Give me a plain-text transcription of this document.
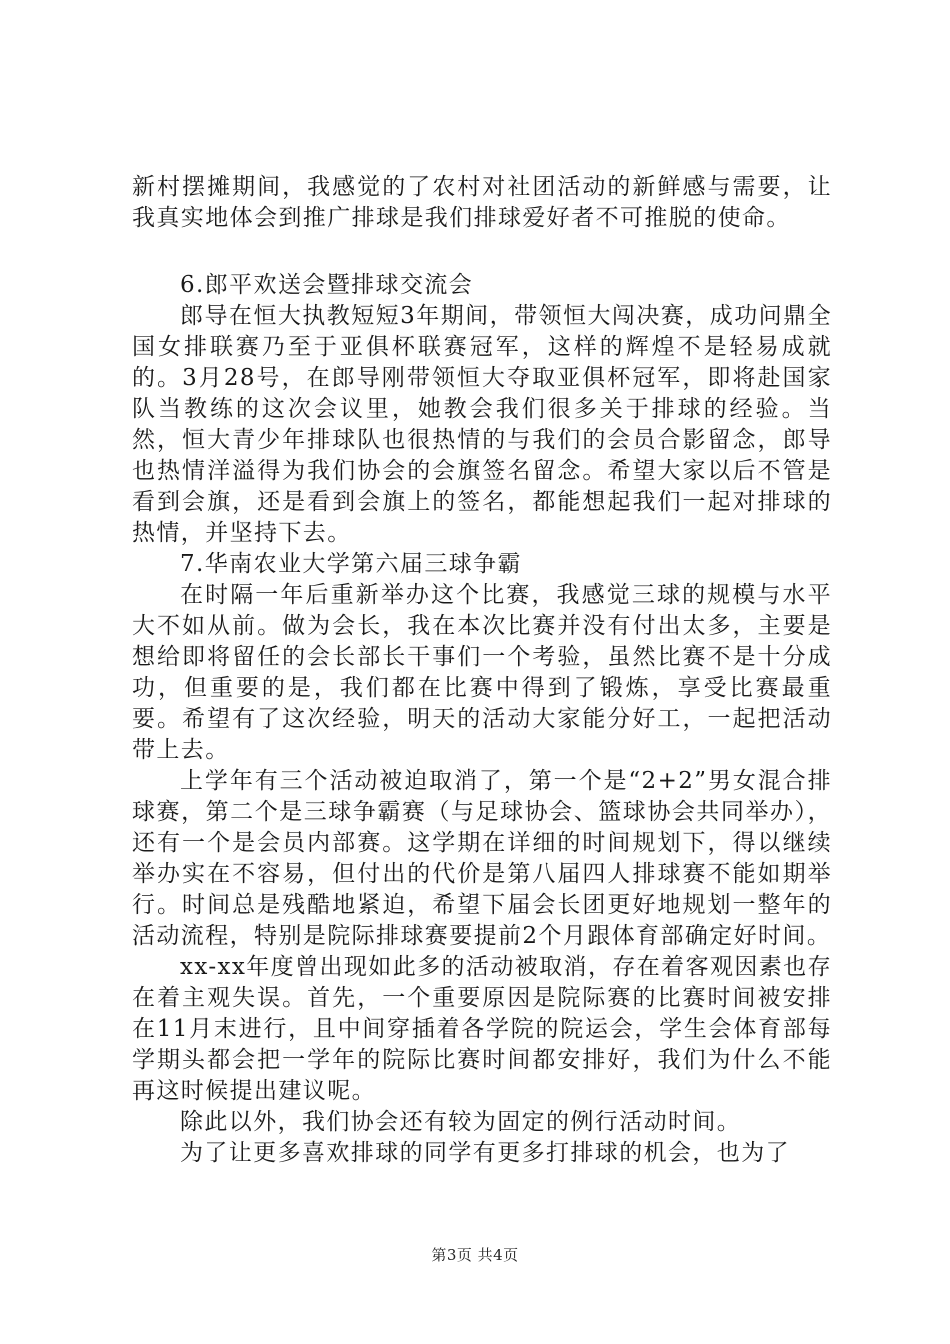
新村摆摊期间，我感觉的了农村对社团活动的新鲜感与需要，让我真实地体会到推广排球是我们排球爱好者不可推脱的使命。

6.郎平欢送会暨排球交流会

郎导在恒大执教短短3年期间，带领恒大闯决赛，成功问鼎全国女排联赛乃至于亚俱杯联赛冠军，这样的辉煌不是轻易成就的。3月28号，在郎导刚带领恒大夺取亚俱杯冠军，即将赴国家队当教练的这次会议里，她教会我们很多关于排球的经验。当然，恒大青少年排球队也很热情的与我们的会员合影留念，郎导也热情洋溢得为我们协会的会旗签名留念。希望大家以后不管是看到会旗，还是看到会旗上的签名，都能想起我们一起对排球的热情，并坚持下去。

7.华南农业大学第六届三球争霸

在时隔一年后重新举办这个比赛，我感觉三球的规模与水平大不如从前。做为会长，我在本次比赛并没有付出太多，主要是想给即将留任的会长部长干事们一个考验，虽然比赛不是十分成功，但重要的是，我们都在比赛中得到了锻炼，享受比赛最重要。希望有了这次经验，明天的活动大家能分好工，一起把活动带上去。

上学年有三个活动被迫取消了，第一个是“2+2”男女混合排球赛，第二个是三球争霸赛（与足球协会、篮球协会共同举办），还有一个是会员内部赛。这学期在详细的时间规划下，得以继续举办实在不容易，但付出的代价是第八届四人排球赛不能如期举行。时间总是残酷地紧迫，希望下届会长团更好地规划一整年的活动流程，特别是院际排球赛要提前2个月跟体育部确定好时间。

xx-xx年度曾出现如此多的活动被取消，存在着客观因素也存在着主观失误。首先，一个重要原因是院际赛的比赛时间被安排在11月末进行，且中间穿插着各学院的院运会，学生会体育部每学期头都会把一学年的院际比赛时间都安排好，我们为什么不能再这时候提出建议呢。

除此以外，我们协会还有较为固定的例行活动时间。

为了让更多喜欢排球的同学有更多打排球的机会，也为了

第3页 共4页
